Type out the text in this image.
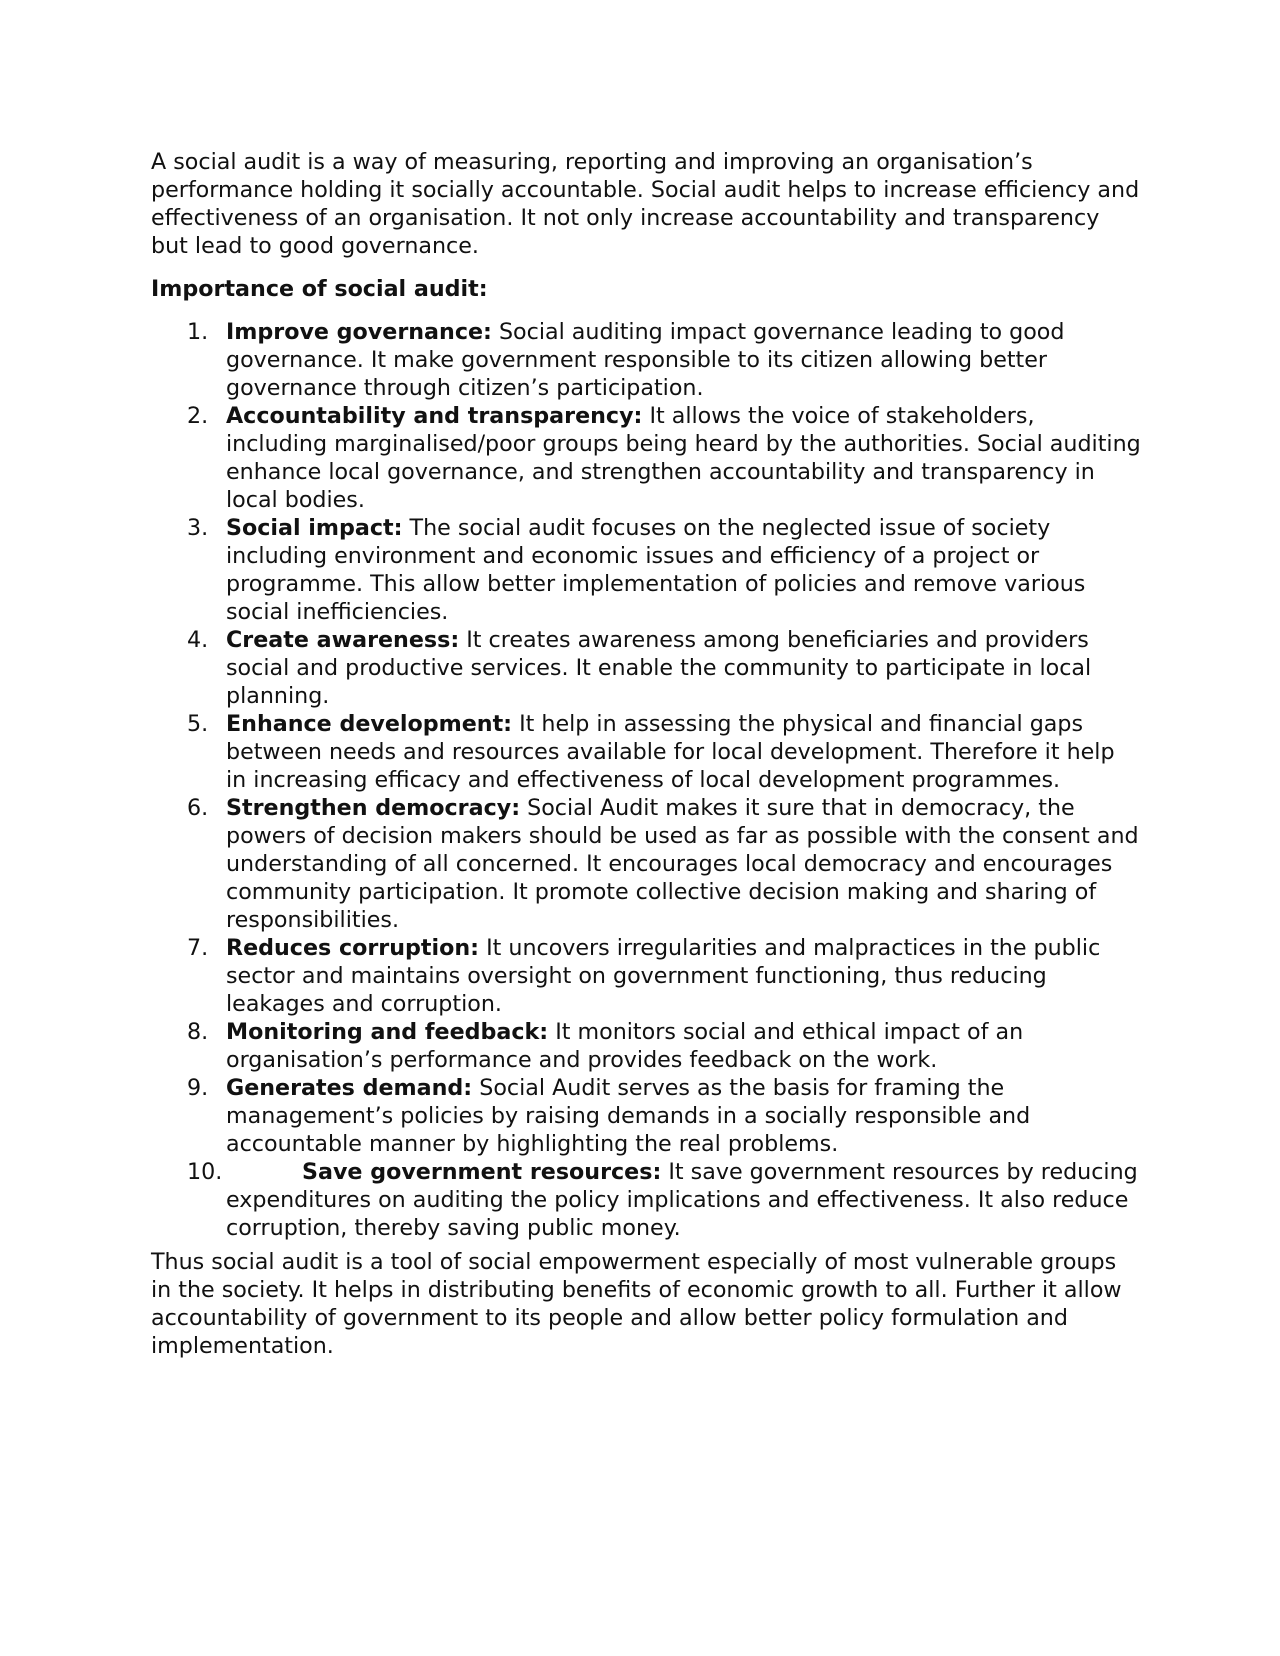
A social audit is a way of measuring, reporting and improving an organisation’s performance holding it socially accountable. Social audit helps to increase efficiency and effectiveness of an organisation. It not only increase accountability and transparency but lead to good governance.

Importance of social audit:

1. Improve governance: Social auditing impact governance leading to good governance. It make government responsible to its citizen allowing better governance through citizen’s participation.
2. Accountability and transparency: It allows the voice of stakeholders, including marginalised/poor groups being heard by the authorities. Social auditing enhance local governance, and strengthen accountability and transparency in local bodies.
3. Social impact: The social audit focuses on the neglected issue of society including environment and economic issues and efficiency of a project or programme. This allow better implementation of policies and remove various social inefficiencies.
4. Create awareness: It creates awareness among beneficiaries and providers social and productive services. It enable the community to participate in local planning.
5. Enhance development: It help in assessing the physical and financial gaps between needs and resources available for local development. Therefore it help in increasing efficacy and effectiveness of local development programmes.
6. Strengthen democracy: Social Audit makes it sure that in democracy, the powers of decision makers should be used as far as possible with the consent and understanding of all concerned. It encourages local democracy and encourages community participation. It promote collective decision making and sharing of responsibilities.
7. Reduces corruption: It uncovers irregularities and malpractices in the public sector and maintains oversight on government functioning, thus reducing leakages and corruption.
8. Monitoring and feedback: It monitors social and ethical impact of an organisation’s performance and provides feedback on the work.
9. Generates demand: Social Audit serves as the basis for framing the management’s policies by raising demands in a socially responsible and accountable manner by highlighting the real problems.
10.	Save government resources: It save government resources by reducing expenditures on auditing the policy implications and effectiveness. It also reduce corruption, thereby saving public money.

Thus social audit is a tool of social empowerment especially of most vulnerable groups in the society. It helps in distributing benefits of economic growth to all. Further it allow accountability of government to its people and allow better policy formulation and implementation.
